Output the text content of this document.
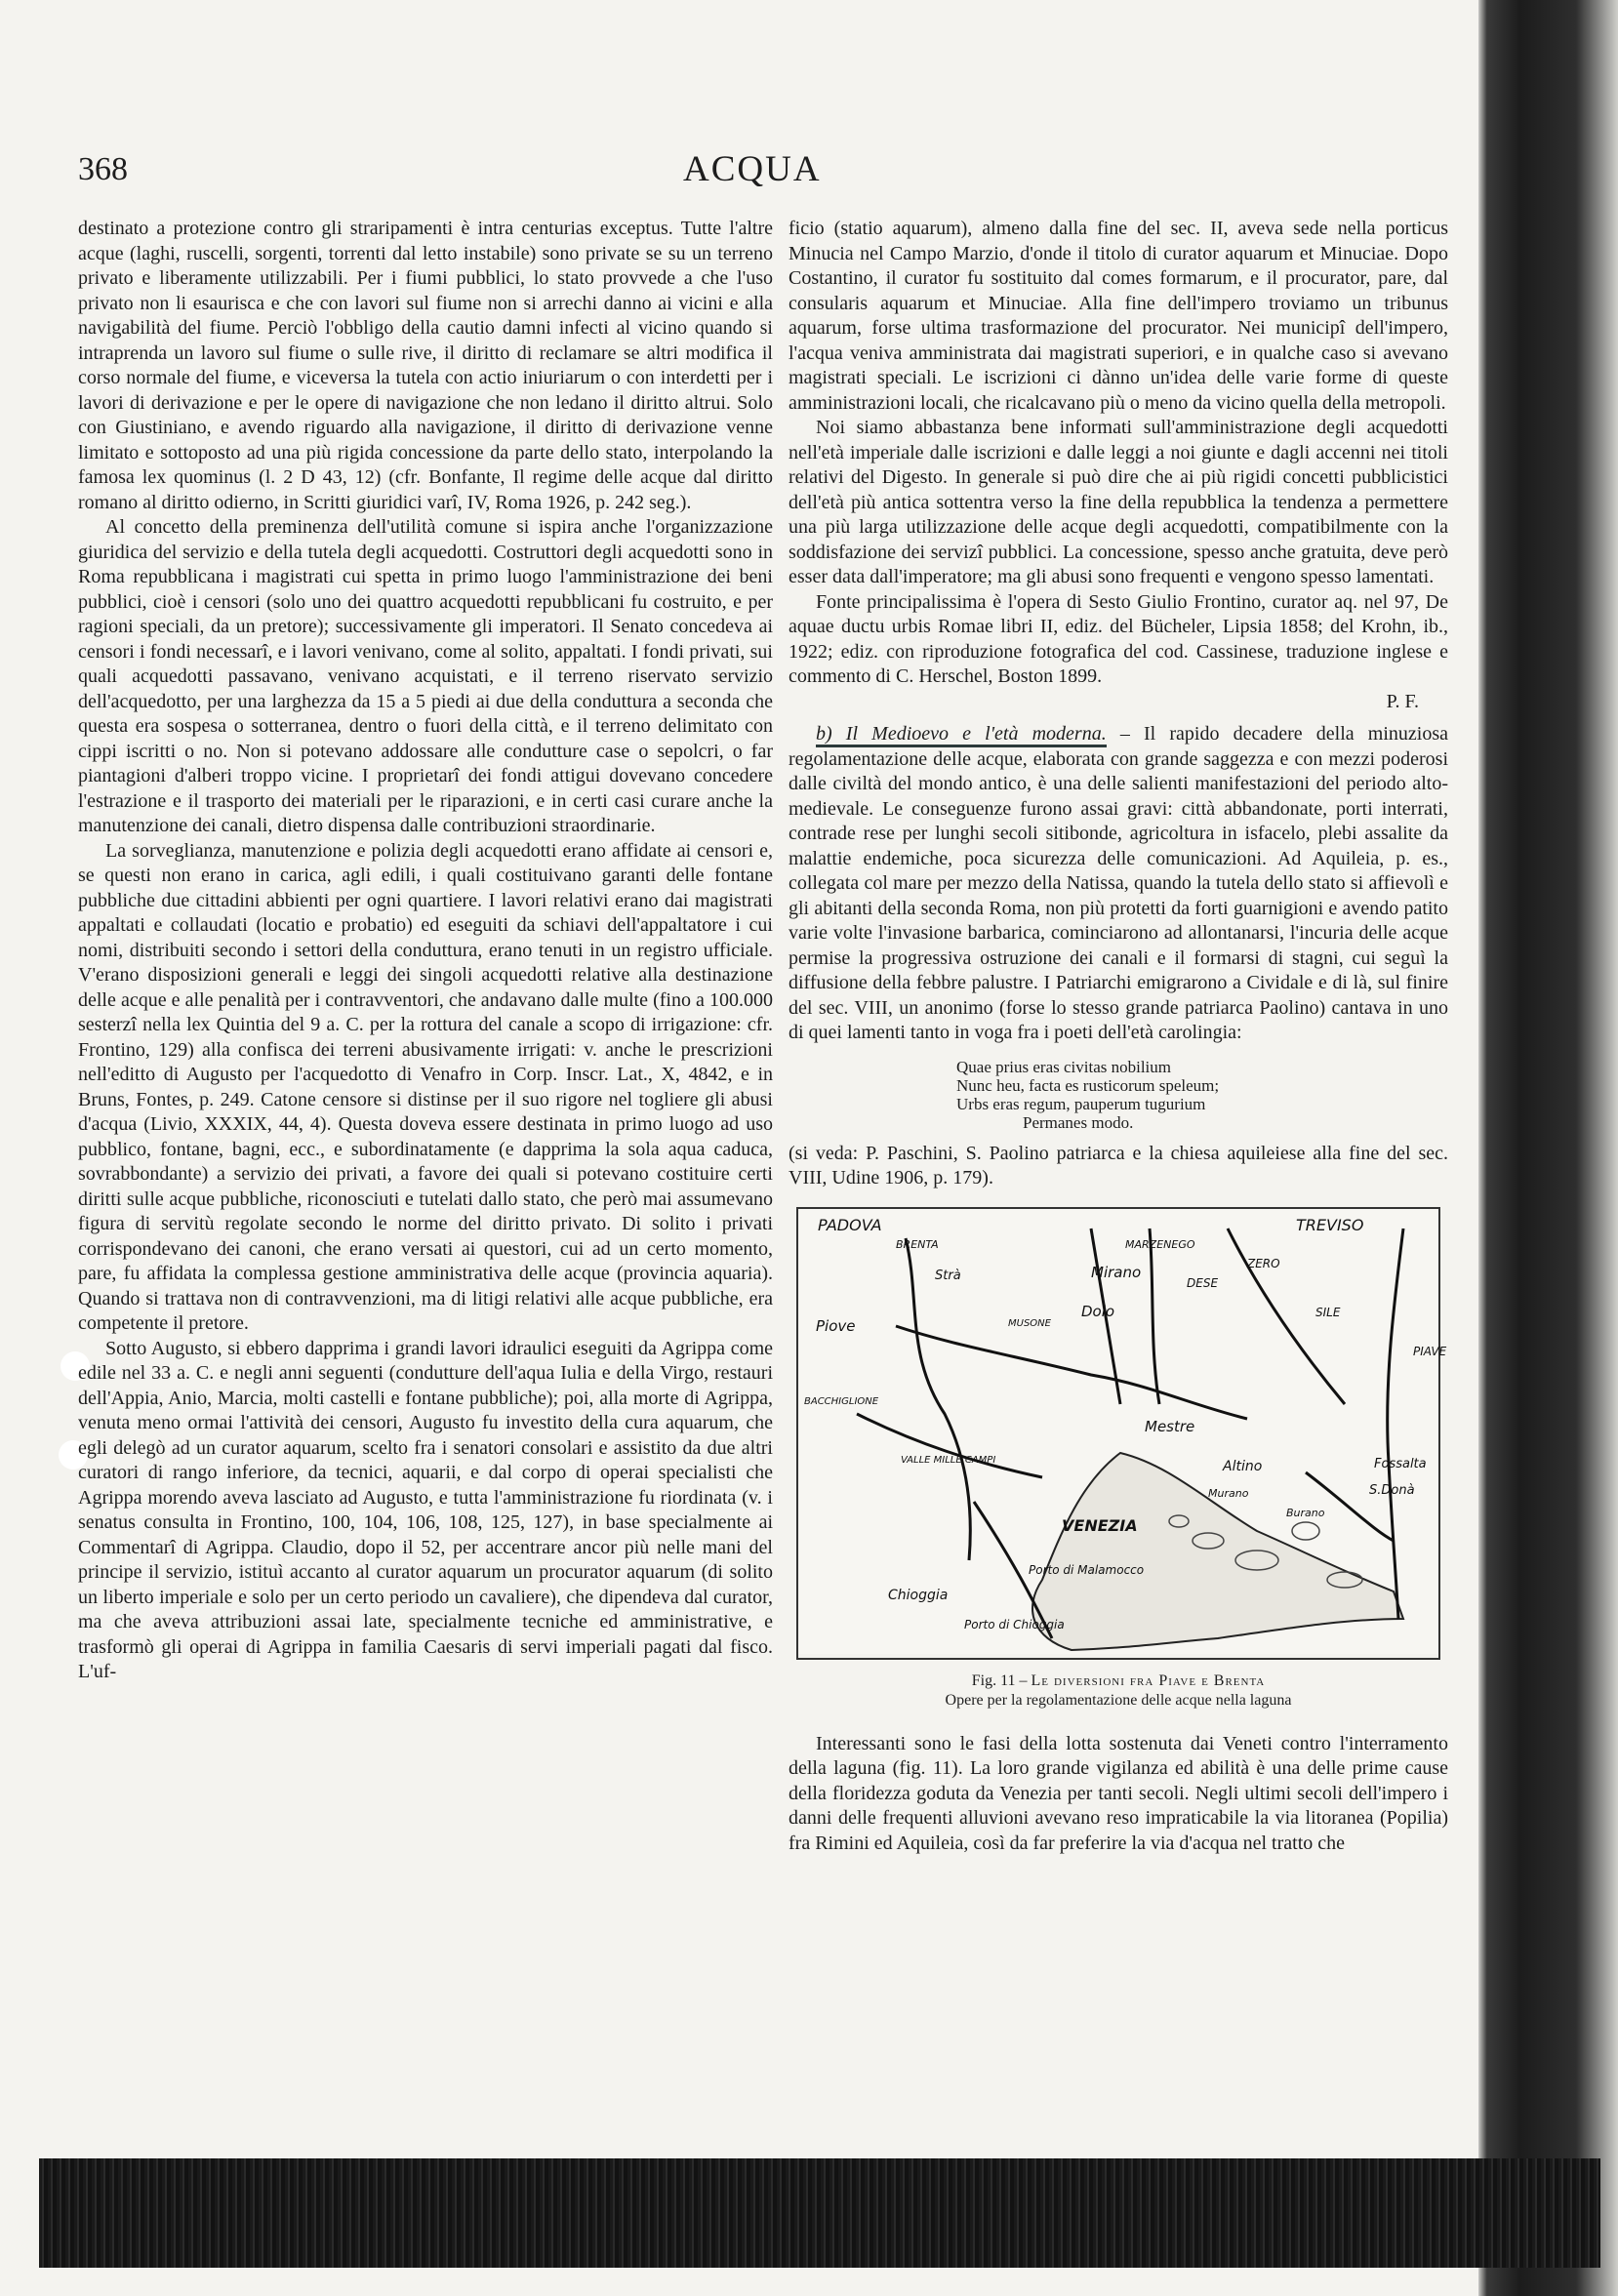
368	ACQUA

destinato a protezione contro gli straripamenti è intra centurias exceptus. Tutte l'altre acque (laghi, ruscelli, sorgenti, torrenti dal letto instabile) sono private se su un terreno privato e liberamente utilizzabili. Per i fiumi pubblici, lo stato provvede a che l'uso privato non li esaurisca e che con lavori sul fiume non si arrechi danno ai vicini e alla navigabilità del fiume. Perciò l'obbligo della cautio damni infecti al vicino quando si intraprenda un lavoro sul fiume o sulle rive, il diritto di reclamare se altri modifica il corso normale del fiume, e viceversa la tutela con actio iniuriarum o con interdetti per i lavori di derivazione e per le opere di navigazione che non ledano il diritto altrui. Solo con Giustiniano, e avendo riguardo alla navigazione, il diritto di derivazione venne limitato e sottoposto ad una più rigida concessione da parte dello stato, interpolando la famosa lex quominus (l. 2 D 43, 12) (cfr. Bonfante, Il regime delle acque dal diritto romano al diritto odierno, in Scritti giuridici varî, IV, Roma 1926, p. 242 seg.).

Al concetto della preminenza dell'utilità comune si ispira anche l'organizzazione giuridica del servizio e della tutela degli acquedotti. Costruttori degli acquedotti sono in Roma repubblicana i magistrati cui spetta in primo luogo l'amministrazione dei beni pubblici, cioè i censori (solo uno dei quattro acquedotti repubblicani fu costruito, e per ragioni speciali, da un pretore); successivamente gli imperatori. Il Senato concedeva ai censori i fondi necessarî, e i lavori venivano, come al solito, appaltati. I fondi privati, sui quali acquedotti passavano, venivano acquistati, e il terreno riservato servizio dell'acquedotto, per una larghezza da 15 a 5 piedi ai due della conduttura a seconda che questa era sospesa o sotterranea, dentro o fuori della città, e il terreno delimitato con cippi iscritti o no. Non si potevano addossare alle condutture case o sepolcri, o far piantagioni d'alberi troppo vicine. I proprietarî dei fondi attigui dovevano concedere l'estrazione e il trasporto dei materiali per le riparazioni, e in certi casi curare anche la manutenzione dei canali, dietro dispensa dalle contribuzioni straordinarie.

La sorveglianza, manutenzione e polizia degli acquedotti erano affidate ai censori e, se questi non erano in carica, agli edili, i quali costituivano garanti delle fontane pubbliche due cittadini abbienti per ogni quartiere. I lavori relativi erano dai magistrati appaltati e collaudati (locatio e probatio) ed eseguiti da schiavi dell'appaltatore i cui nomi, distribuiti secondo i settori della conduttura, erano tenuti in un registro ufficiale. V'erano disposizioni generali e leggi dei singoli acquedotti relative alla destinazione delle acque e alle penalità per i contravventori, che andavano dalle multe (fino a 100.000 sesterzî nella lex Quintia del 9 a. C. per la rottura del canale a scopo di irrigazione: cfr. Frontino, 129) alla confisca dei terreni abusivamente irrigati: v. anche le prescrizioni nell'editto di Augusto per l'acquedotto di Venafro in Corp. Inscr. Lat., X, 4842, e in Bruns, Fontes, p. 249. Catone censore si distinse per il suo rigore nel togliere gli abusi d'acqua (Livio, XXXIX, 44, 4). Questa doveva essere destinata in primo luogo ad uso pubblico, fontane, bagni, ecc., e subordinatamente (e dapprima la sola aqua caduca, sovrabbondante) a servizio dei privati, a favore dei quali si potevano costituire certi diritti sulle acque pubbliche, riconosciuti e tutelati dallo stato, che però mai assumevano figura di servitù regolate secondo le norme del diritto privato. Di solito i privati corrispondevano dei canoni, che erano versati ai questori, cui ad un certo momento, pare, fu affidata la complessa gestione amministrativa delle acque (provincia aquaria). Quando si trattava non di contravvenzioni, ma di litigi relativi alle acque pubbliche, era competente il pretore.

Sotto Augusto, si ebbero dapprima i grandi lavori idraulici eseguiti da Agrippa come edile nel 33 a. C. e negli anni seguenti (condutture dell'aqua Iulia e della Virgo, restauri dell'Appia, Anio, Marcia, molti castelli e fontane pubbliche); poi, alla morte di Agrippa, venuta meno ormai l'attività dei censori, Augusto fu investito della cura aquarum, che egli delegò ad un curator aquarum, scelto fra i senatori consolari e assistito da due altri curatori di rango inferiore, da tecnici, aquarii, e dal corpo di operai specialisti che Agrippa morendo aveva lasciato ad Augusto, e tutta l'amministrazione fu riordinata (v. i senatus consulta in Frontino, 100, 104, 106, 108, 125, 127), in base specialmente ai Commentarî di Agrippa. Claudio, dopo il 52, per accentrare ancor più nelle mani del principe il servizio, istituì accanto al curator aquarum un procurator aquarum (di solito un liberto imperiale e solo per un certo periodo un cavaliere), che dipendeva dal curator, ma che aveva attribuzioni assai late, specialmente tecniche ed amministrative, e trasformò gli operai di Agrippa in familia Caesaris di servi imperiali pagati dal fisco. L'uf-

ficio (statio aquarum), almeno dalla fine del sec. II, aveva sede nella porticus Minucia nel Campo Marzio, d'onde il titolo di curator aquarum et Minuciae. Dopo Costantino, il curator fu sostituito dal comes formarum, e il procurator, pare, dal consularis aquarum et Minuciae. Alla fine dell'impero troviamo un tribunus aquarum, forse ultima trasformazione del procurator. Nei municipî dell'impero, l'acqua veniva amministrata dai magistrati superiori, e in qualche caso si avevano magistrati speciali. Le iscrizioni ci dànno un'idea delle varie forme di queste amministrazioni locali, che ricalcavano più o meno da vicino quella della metropoli.

Noi siamo abbastanza bene informati sull'amministrazione degli acquedotti nell'età imperiale dalle iscrizioni e dalle leggi a noi giunte e dagli accenni nei titoli relativi del Digesto. In generale si può dire che ai più rigidi concetti pubblicistici dell'età più antica sottentra verso la fine della repubblica la tendenza a permettere una più larga utilizzazione delle acque degli acquedotti, compatibilmente con la soddisfazione dei servizî pubblici. La concessione, spesso anche gratuita, deve però esser data dall'imperatore; ma gli abusi sono frequenti e vengono spesso lamentati.

Fonte principalissima è l'opera di Sesto Giulio Frontino, curator aq. nel 97, De aquae ductu urbis Romae libri II, ediz. del Bücheler, Lipsia 1858; del Krohn, ib., 1922; ediz. con riproduzione fotografica del cod. Cassinese, traduzione inglese e commento di C. Herschel, Boston 1899.

P. F.

b) Il Medioevo e l'età moderna. – Il rapido decadere della minuziosa regolamentazione delle acque, elaborata con grande saggezza e con mezzi poderosi dalle civiltà del mondo antico, è una delle salienti manifestazioni del periodo alto-medievale. Le conseguenze furono assai gravi: città abbandonate, porti interrati, contrade rese per lunghi secoli sitibonde, agricoltura in isfacelo, plebi assalite da malattie endemiche, poca sicurezza delle comunicazioni. Ad Aquileia, p. es., collegata col mare per mezzo della Natissa, quando la tutela dello stato si affievolì e gli abitanti della seconda Roma, non più protetti da forti guarnigioni e avendo patito varie volte l'invasione barbarica, cominciarono ad allontanarsi, l'incuria delle acque permise la progressiva ostruzione dei canali e il formarsi di stagni, cui seguì la diffusione della febbre palustre. I Patriarchi emigrarono a Cividale e di là, sul finire del sec. VIII, un anonimo (forse lo stesso grande patriarca Paolino) cantava in uno di quei lamenti tanto in voga fra i poeti dell'età carolingia:

Quae prius eras civitas nobilium
Nunc heu, facta es rusticorum speleum;
Urbs eras regum, pauperum tugurium
Permanes modo.

(si veda: P. Paschini, S. Paolino patriarca e la chiesa aquileiese alla fine del sec. VIII, Udine 1906, p. 179).

PADOVA	TREVISO
Mirano
Dolo
Strà
Piove
Mestre
Altino
Murano
Burano
VENEZIA
Chioggia
Porto di Chioggia
Porto di Malamocco
Fossalta
S.Donà
PIAVE
SILE
ZERO
DESE
BRENTA	MARZENEGO
VALLE MILLE CAMPI
MUSONE
BACCHIGLIONE
Fig. 11 – Le diversioni fra Piave e Brenta
Opere per la regolamentazione delle acque nella laguna

Interessanti sono le fasi della lotta sostenuta dai Veneti contro l'interramento della laguna (fig. 11). La loro grande vigilanza ed abilità è una delle prime cause della floridezza goduta da Venezia per tanti secoli. Negli ultimi secoli dell'impero i danni delle frequenti alluvioni avevano reso impraticabile la via litoranea (Popilia) fra Rimini ed Aquileia, così da far preferire la via d'acqua nel tratto che
